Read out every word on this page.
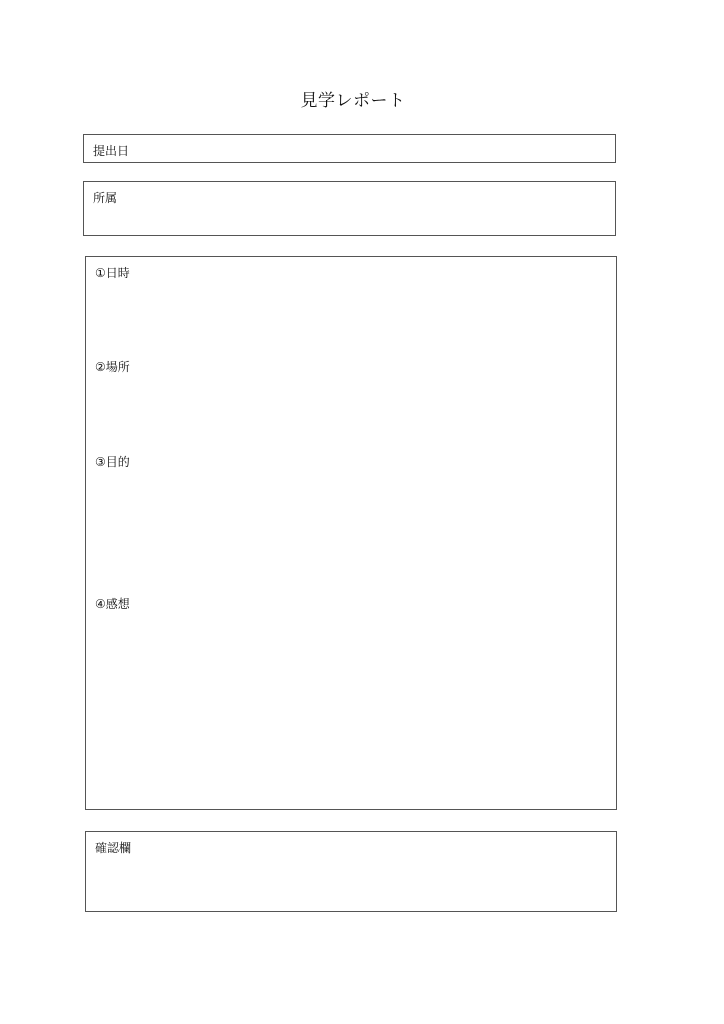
見学レポート
提出日
所属
①日時
②場所
③目的
④感想
確認欄
